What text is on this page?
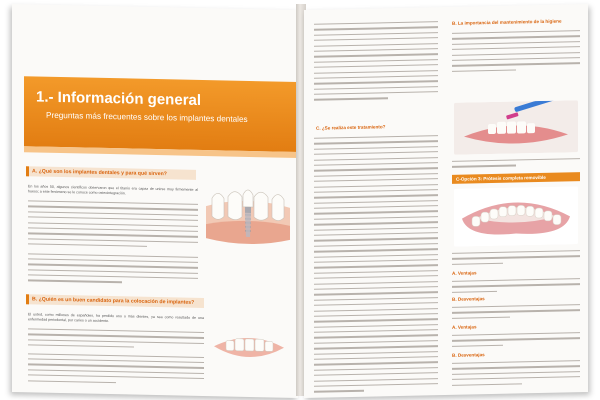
1.- Información general
Preguntas más frecuentes sobre los implantes dentales
A. ¿Qué son los implantes dentales y para qué sirven?
En los años 50, algunos científicos observaron que el titanio era capaz de unirse muy firmemente al hueso; a este fenómeno se le conoce como osteointegración.
B. ¿Quién es un buen candidato para la colocación de implantes?
El usted, como millones de españoles, ha perdido uno o más dientes, ya sea como resultado de una enfermedad periodontal, por caries o un accidente.
C. ¿Se realiza este tratamiento?
B. La importancia del mantenimiento de la higiene
C-Opción 3: Prótesis completa removible
A. Ventajas
B. Desventajas
A. Ventajas
B. Desventajas
